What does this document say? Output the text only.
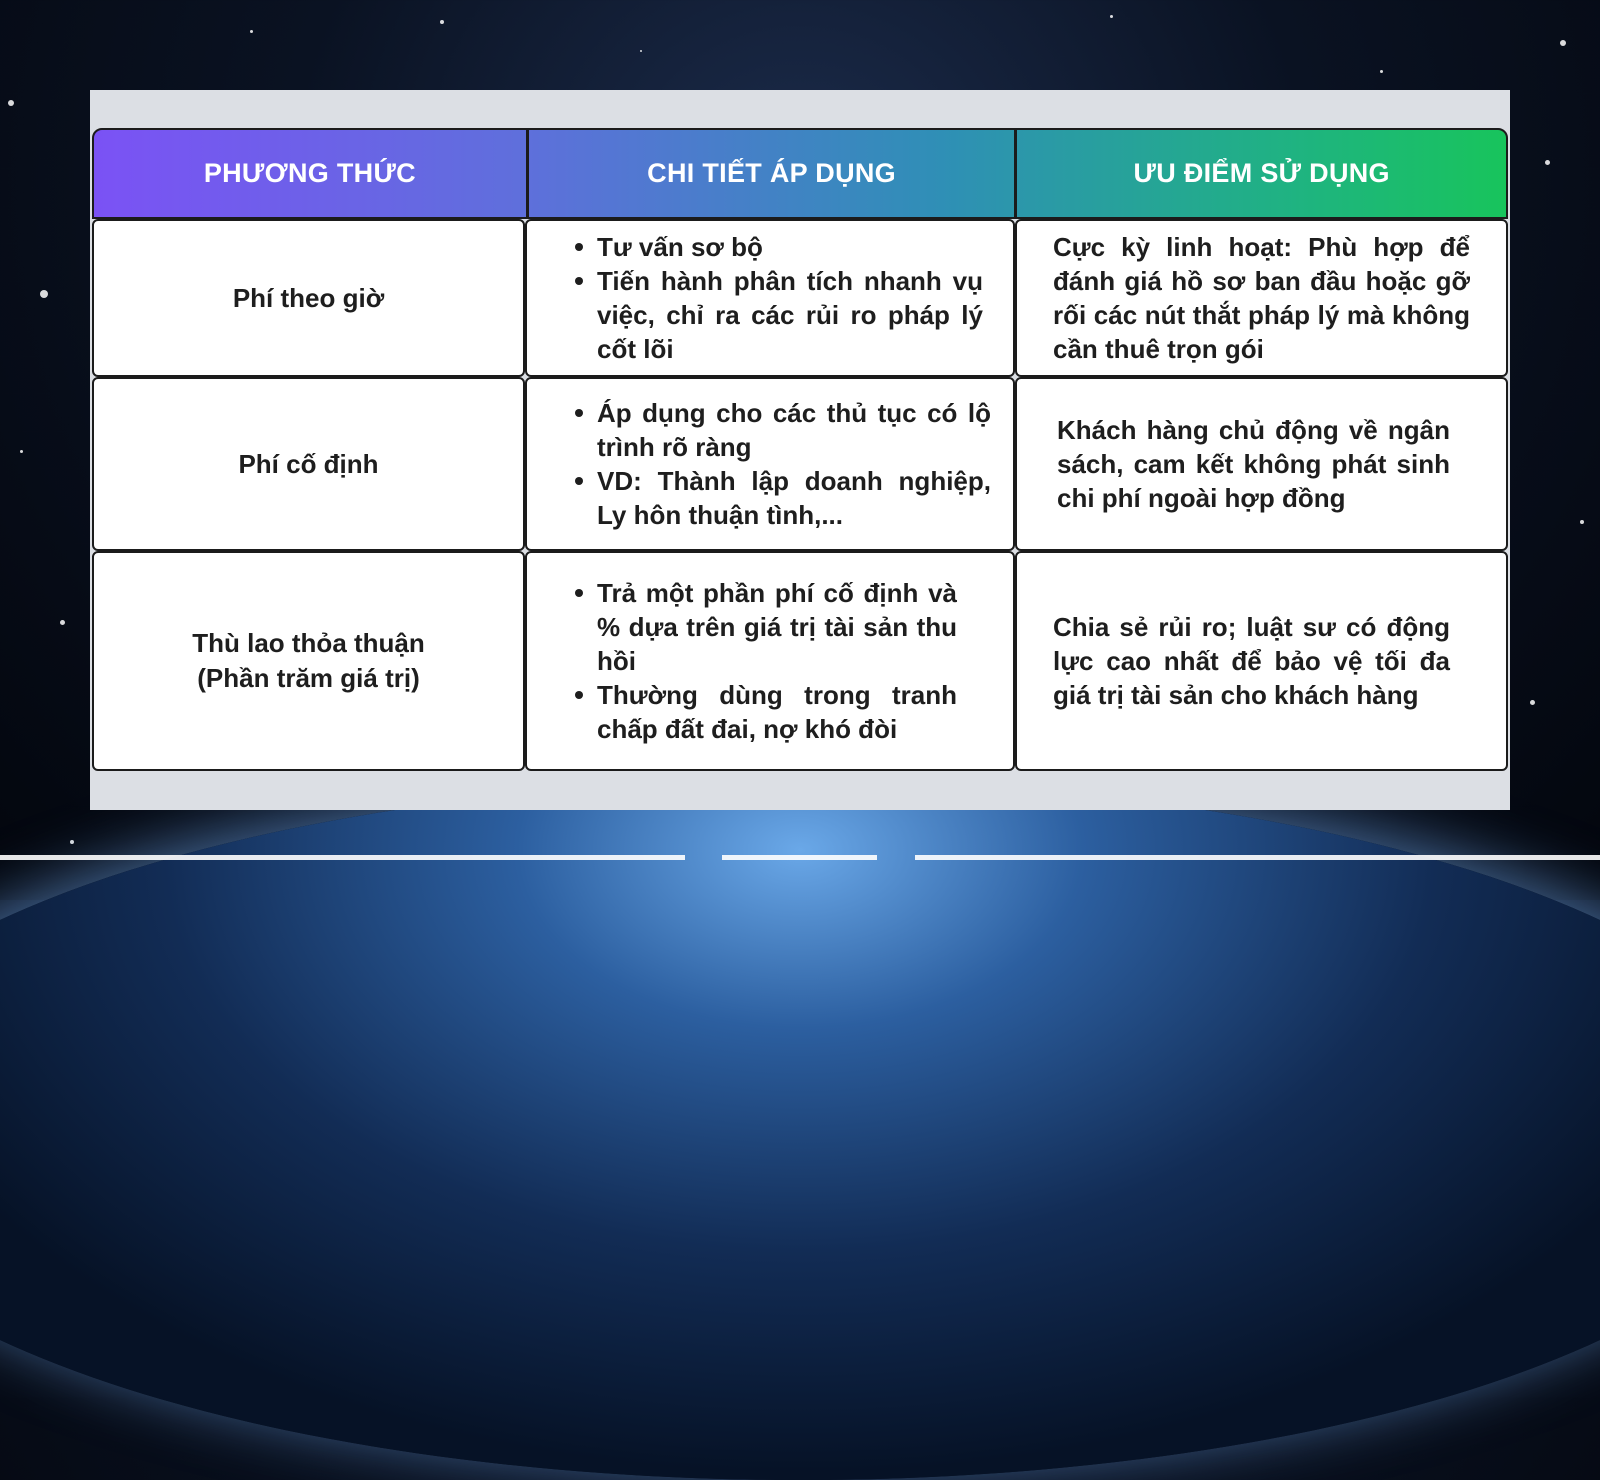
PHƯƠNG THỨC	CHI TIẾT ÁP DỤNG	ƯU ĐIỂM SỬ DỤNG
Phí theo giờ
Tư vấn sơ bộ
Tiến hành phân tích nhanh vụ việc, chỉ ra các rủi ro pháp lý cốt lõi
Cực kỳ linh hoạt: Phù hợp để đánh giá hồ sơ ban đầu hoặc gỡ rối các nút thắt pháp lý mà không cần thuê trọn gói
Phí cố định
Áp dụng cho các thủ tục có lộ trình rõ ràng
VD: Thành lập doanh nghiệp, Ly hôn thuận tình,...
Khách hàng chủ động về ngân sách, cam kết không phát sinh chi phí ngoài hợp đồng
Thù lao thỏa thuận
(Phần trăm giá trị)
Trả một phần phí cố định và % dựa trên giá trị tài sản thu hồi
Thường dùng trong tranh chấp đất đai, nợ khó đòi
Chia sẻ rủi ro; luật sư có động lực cao nhất để bảo vệ tối đa giá trị tài sản cho khách hàng
